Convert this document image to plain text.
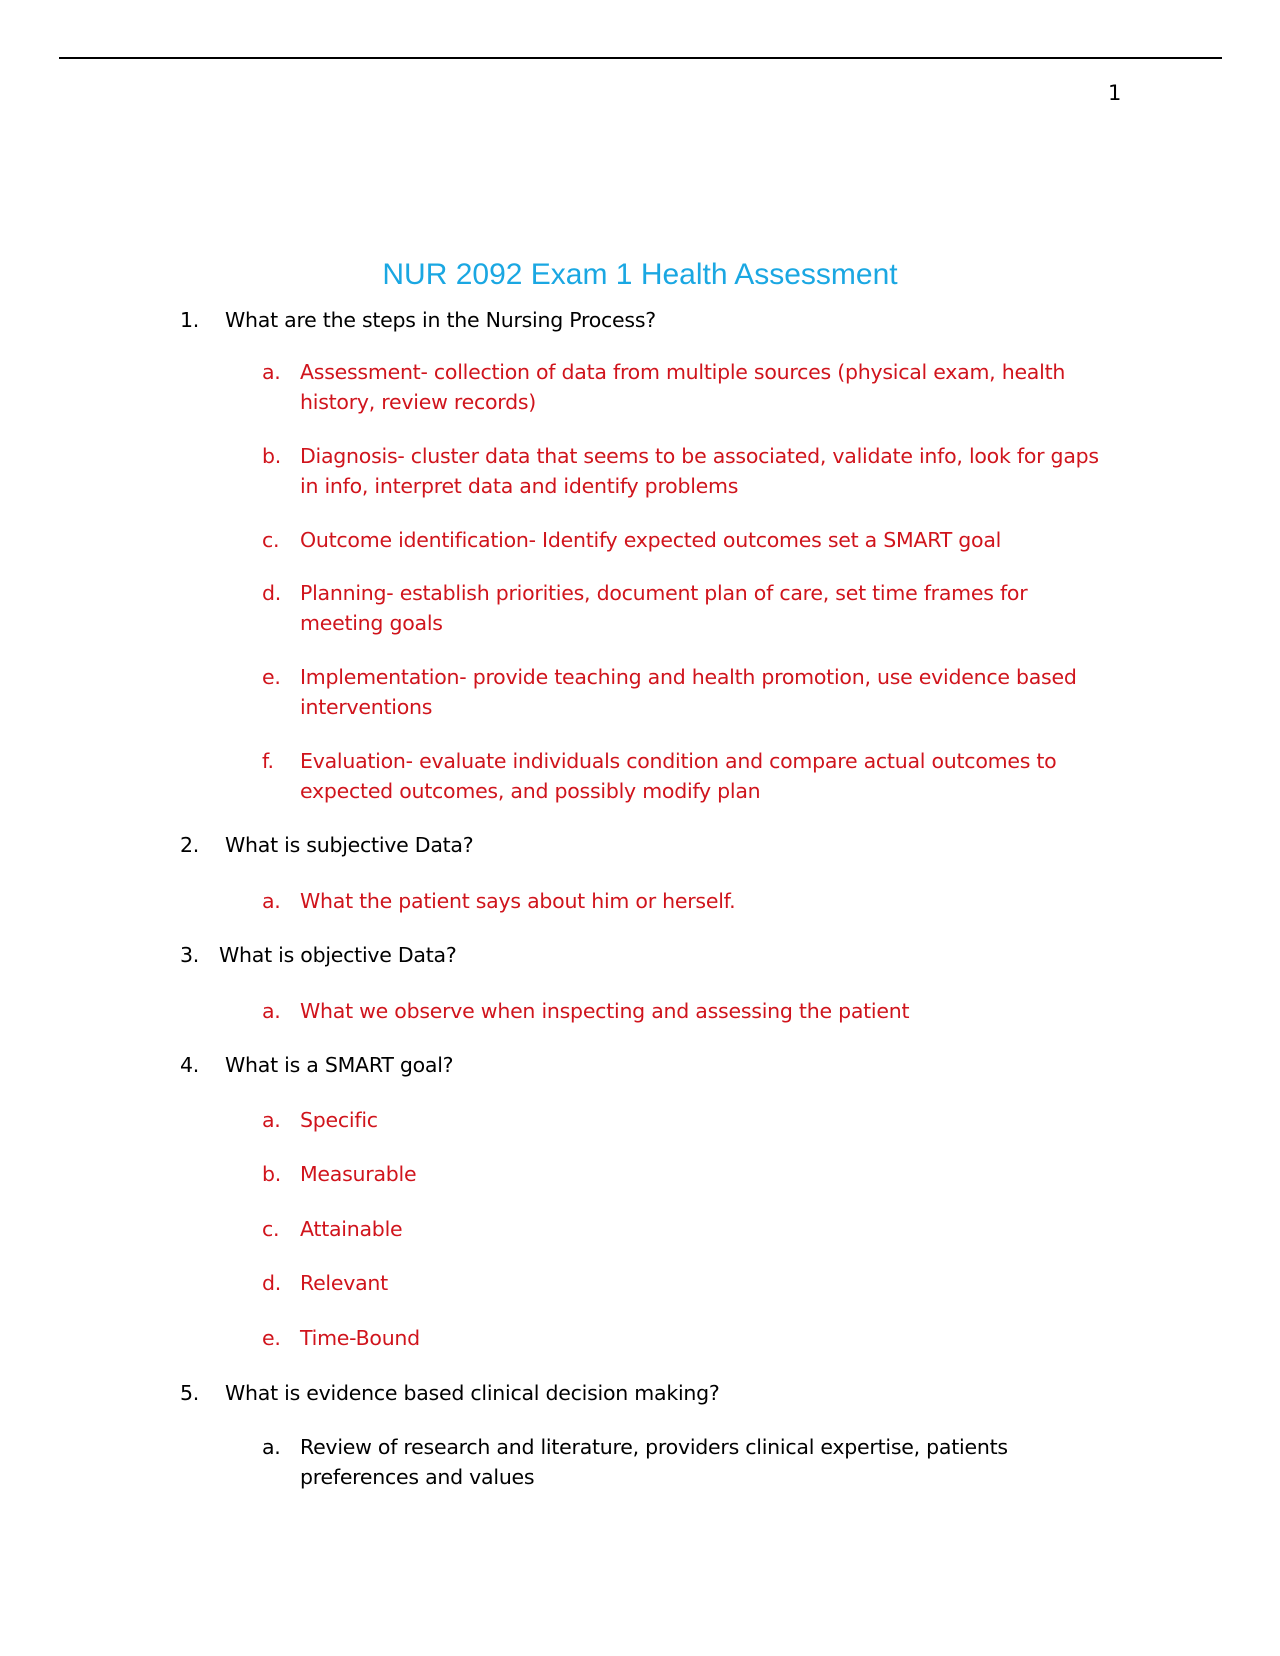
1
NUR 2092 Exam 1 Health Assessment
1. What are the steps in the Nursing Process?
a. Assessment- collection of data from multiple sources (physical exam, health history, review records)
b. Diagnosis- cluster data that seems to be associated, validate info, look for gaps in info, interpret data and identify problems
c. Outcome identification- Identify expected outcomes set a SMART goal
d. Planning- establish priorities, document plan of care, set time frames for meeting goals
e. Implementation- provide teaching and health promotion, use evidence based interventions
f. Evaluation- evaluate individuals condition and compare actual outcomes to expected outcomes, and possibly modify plan
2. What is subjective Data?
a. What the patient says about him or herself.
3. What is objective Data?
a. What we observe when inspecting and assessing the patient
4. What is a SMART goal?
a. Specific
b. Measurable
c. Attainable
d. Relevant
e. Time-Bound
5. What is evidence based clinical decision making?
a. Review of research and literature, providers clinical expertise, patients preferences and values
